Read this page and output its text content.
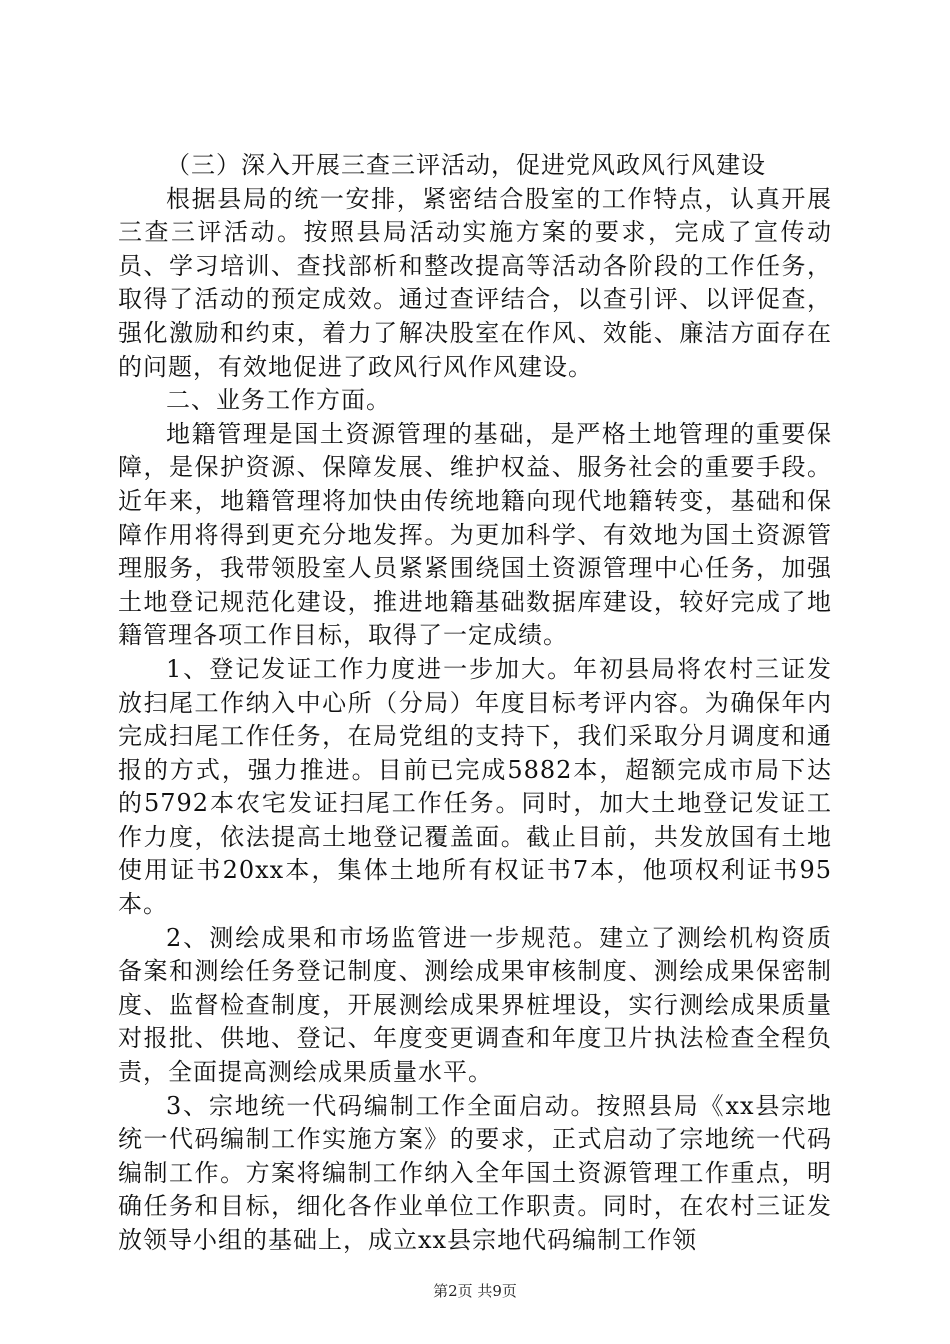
（三）深入开展三查三评活动，促进党风政风行风建设

根据县局的统一安排，紧密结合股室的工作特点，认真开展三查三评活动。按照县局活动实施方案的要求，完成了宣传动员、学习培训、查找部析和整改提高等活动各阶段的工作任务，取得了活动的预定成效。通过查评结合，以查引评、以评促查，强化激励和约束，着力了解决股室在作风、效能、廉洁方面存在的问题，有效地促进了政风行风作风建设。

二、业务工作方面。

地籍管理是国土资源管理的基础，是严格土地管理的重要保障，是保护资源、保障发展、维护权益、服务社会的重要手段。近年来，地籍管理将加快由传统地籍向现代地籍转变，基础和保障作用将得到更充分地发挥。为更加科学、有效地为国土资源管理服务，我带领股室人员紧紧围绕国土资源管理中心任务，加强土地登记规范化建设，推进地籍基础数据库建设，较好完成了地籍管理各项工作目标，取得了一定成绩。

1、登记发证工作力度进一步加大。年初县局将农村三证发放扫尾工作纳入中心所（分局）年度目标考评内容。为确保年内完成扫尾工作任务，在局党组的支持下，我们采取分月调度和通报的方式，强力推进。目前已完成5882本，超额完成市局下达的5792本农宅发证扫尾工作任务。同时，加大土地登记发证工作力度，依法提高土地登记覆盖面。截止目前，共发放国有土地使用证书20xx本，集体土地所有权证书7本，他项权利证书95本。

2、测绘成果和市场监管进一步规范。建立了测绘机构资质备案和测绘任务登记制度、测绘成果审核制度、测绘成果保密制度、监督检查制度，开展测绘成果界桩埋设，实行测绘成果质量对报批、供地、登记、年度变更调查和年度卫片执法检查全程负责，全面提高测绘成果质量水平。

3、宗地统一代码编制工作全面启动。按照县局《xx县宗地统一代码编制工作实施方案》的要求，正式启动了宗地统一代码编制工作。方案将编制工作纳入全年国土资源管理工作重点，明确任务和目标，细化各作业单位工作职责。同时，在农村三证发放领导小组的基础上，成立xx县宗地代码编制工作领

第2页 共9页
